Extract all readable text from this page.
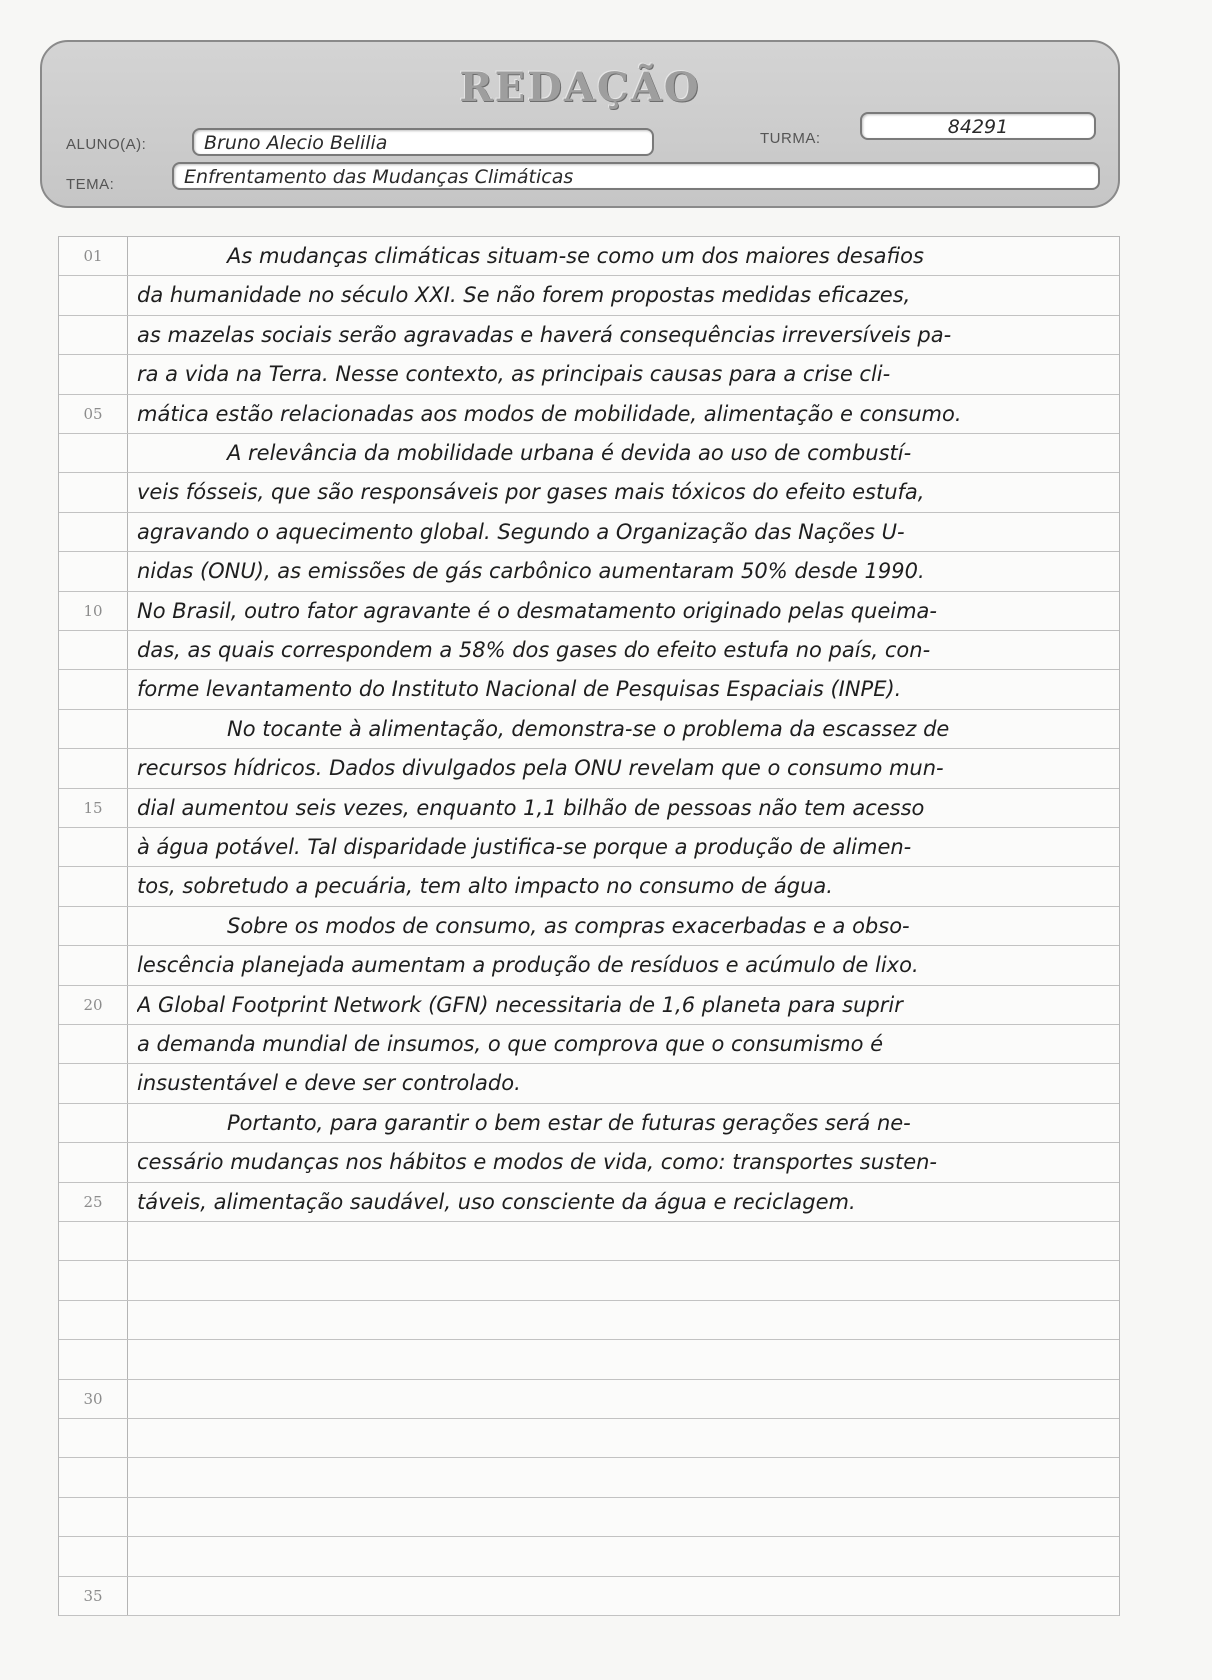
REDAÇÃO
ALUNO(A):	Bruno Alecio Belilia	TURMA:
84291
TEMA:	Enfrentamento das Mudanças Climáticas
01	As mudanças climáticas situam-se como um dos maiores desafios
da humanidade no século XXI. Se não forem propostas medidas eficazes,
as mazelas sociais serão agravadas e haverá consequências irreversíveis pa-
ra a vida na Terra. Nesse contexto, as principais causas para a crise cli-
05	mática estão relacionadas aos modos de mobilidade, alimentação e consumo.
A relevância da mobilidade urbana é devida ao uso de combustí-
veis fósseis, que são responsáveis por gases mais tóxicos do efeito estufa,
agravando o aquecimento global. Segundo a Organização das Nações U-
nidas (ONU), as emissões de gás carbônico aumentaram 50% desde 1990.
10	No Brasil, outro fator agravante é o desmatamento originado pelas queima-
das, as quais correspondem a 58% dos gases do efeito estufa no país, con-
forme levantamento do Instituto Nacional de Pesquisas Espaciais (INPE).
No tocante à alimentação, demonstra-se o problema da escassez de
recursos hídricos. Dados divulgados pela ONU revelam que o consumo mun-
15	dial aumentou seis vezes, enquanto 1,1 bilhão de pessoas não tem acesso
à água potável. Tal disparidade justifica-se porque a produção de alimen-
tos, sobretudo a pecuária, tem alto impacto no consumo de água.
Sobre os modos de consumo, as compras exacerbadas e a obso-
lescência planejada aumentam a produção de resíduos e acúmulo de lixo.
20	A Global Footprint Network (GFN) necessitaria de 1,6 planeta para suprir
a demanda mundial de insumos, o que comprova que o consumismo é
insustentável e deve ser controlado.
Portanto, para garantir o bem estar de futuras gerações será ne-
cessário mudanças nos hábitos e modos de vida, como: transportes susten-
25	táveis, alimentação saudável, uso consciente da água e reciclagem.
30
35
